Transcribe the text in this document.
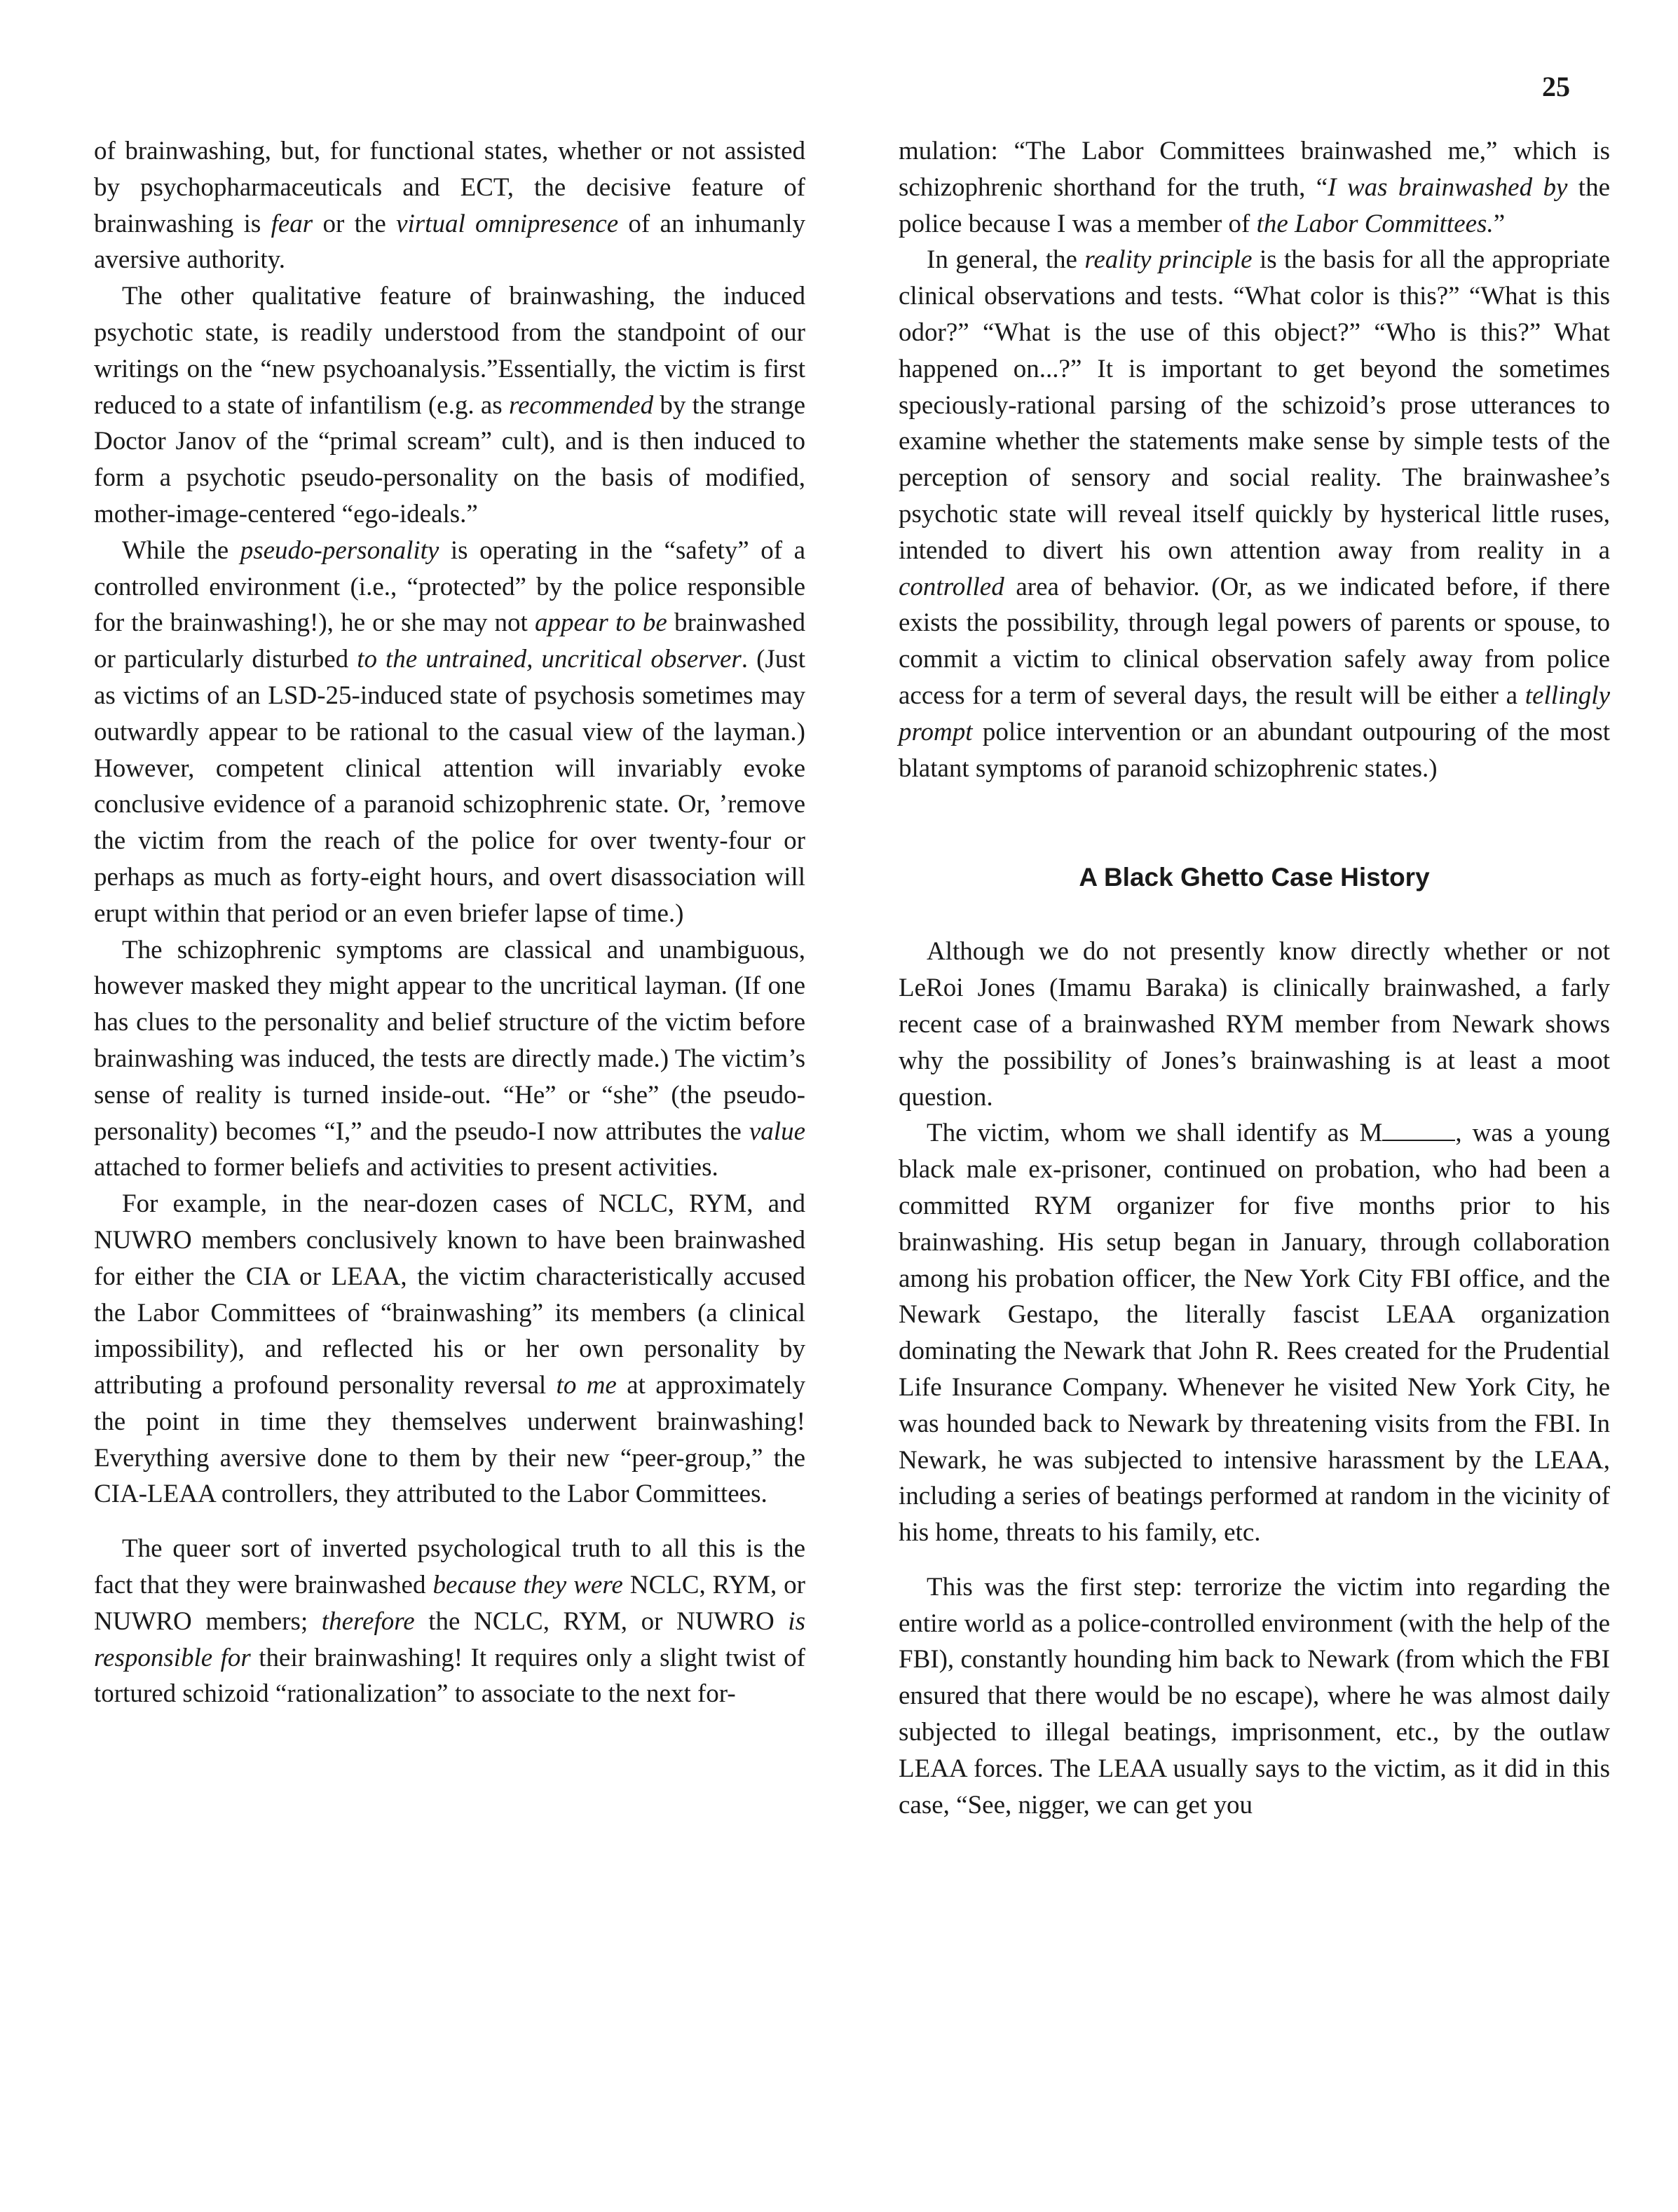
25

of brainwashing, but, for functional states, whether or not assisted by psychopharmaceuticals and ECT, the decisive feature of brainwashing is fear or the virtual omnipresence of an inhumanly aversive authority.

The other qualitative feature of brainwashing, the induced psychotic state, is readily understood from the standpoint of our writings on the “new psychoanalysis.”Essentially, the victim is first reduced to a state of infantilism (e.g. as recommended by the strange Doctor Janov of the “primal scream” cult), and is then induced to form a psychotic pseudo-personality on the basis of modified, mother-image-centered “ego-ideals.”

While the pseudo-personality is operating in the “safety” of a controlled environment (i.e., “protected” by the police responsible for the brainwashing!), he or she may not appear to be brainwashed or particularly disturbed to the untrained, uncritical observer. (Just as victims of an LSD-25-induced state of psychosis sometimes may outwardly appear to be rational to the casual view of the layman.) However, competent clinical attention will invariably evoke conclusive evidence of a paranoid schizophrenic state. Or, ’remove the victim from the reach of the police for over twenty-four or perhaps as much as forty-eight hours, and overt disassociation will erupt within that period or an even briefer lapse of time.)

The schizophrenic symptoms are classical and unambiguous, however masked they might appear to the uncritical layman. (If one has clues to the personality and belief structure of the victim before brainwashing was induced, the tests are directly made.) The victim’s sense of reality is turned inside-out. “He” or “she” (the pseudo-personality) becomes “I,” and the pseudo-I now attributes the value attached to former beliefs and activities to present activities.

For example, in the near-dozen cases of NCLC, RYM, and NUWRO members conclusively known to have been brainwashed for either the CIA or LEAA, the victim characteristically accused the Labor Committees of “brainwashing” its members (a clinical impossibility), and reflected his or her own personality by attributing a profound personality reversal to me at approximately the point in time they themselves underwent brainwashing! Everything aversive done to them by their new “peer-group,” the CIA-LEAA controllers, they attributed to the Labor Committees.

The queer sort of inverted psychological truth to all this is the fact that they were brainwashed because they were NCLC, RYM, or NUWRO members; therefore the NCLC, RYM, or NUWRO is responsible for their brainwashing! It requires only a slight twist of tortured schizoid “rationalization” to associate to the next for-

mulation: “The Labor Committees brainwashed me,” which is schizophrenic shorthand for the truth, “I was brainwashed by the police because I was a member of the Labor Committees.”

In general, the reality principle is the basis for all the appropriate clinical observations and tests. “What color is this?” “What is this odor?” “What is the use of this object?” “Who is this?” What happened on...?” It is important to get beyond the sometimes speciously-rational parsing of the schizoid’s prose utterances to examine whether the statements make sense by simple tests of the perception of sensory and social reality. The brainwashee’s psychotic state will reveal itself quickly by hysterical little ruses, intended to divert his own attention away from reality in a controlled area of behavior. (Or, as we indicated before, if there exists the possibility, through legal powers of parents or spouse, to commit a victim to clinical observation safely away from police access for a term of several days, the result will be either a tellingly prompt police intervention or an abundant outpouring of the most blatant symptoms of paranoid schizophrenic states.)

A Black Ghetto Case History

Although we do not presently know directly whether or not LeRoi Jones (Imamu Baraka) is clinically brainwashed, a farly recent case of a brainwashed RYM member from Newark shows why the possibility of Jones’s brainwashing is at least a moot question.

The victim, whom we shall identify as M	, was a young black male ex-prisoner, continued on probation, who had been a committed RYM organizer for five months prior to his brainwashing. His setup began in January, through collaboration among his probation officer, the New York City FBI office, and the Newark Gestapo, the literally fascist LEAA organization dominating the Newark that John R. Rees created for the Prudential Life Insurance Company. Whenever he visited New York City, he was hounded back to Newark by threatening visits from the FBI. In Newark, he was subjected to intensive harassment by the LEAA, including a series of beatings performed at random in the vicinity of his home, threats to his family, etc.

This was the first step: terrorize the victim into regarding the entire world as a police-controlled environment (with the help of the FBI), constantly hounding him back to Newark (from which the FBI ensured that there would be no escape), where he was almost daily subjected to illegal beatings, imprisonment, etc., by the outlaw LEAA forces. The LEAA usually says to the victim, as it did in this case, “See, nigger, we can get you
